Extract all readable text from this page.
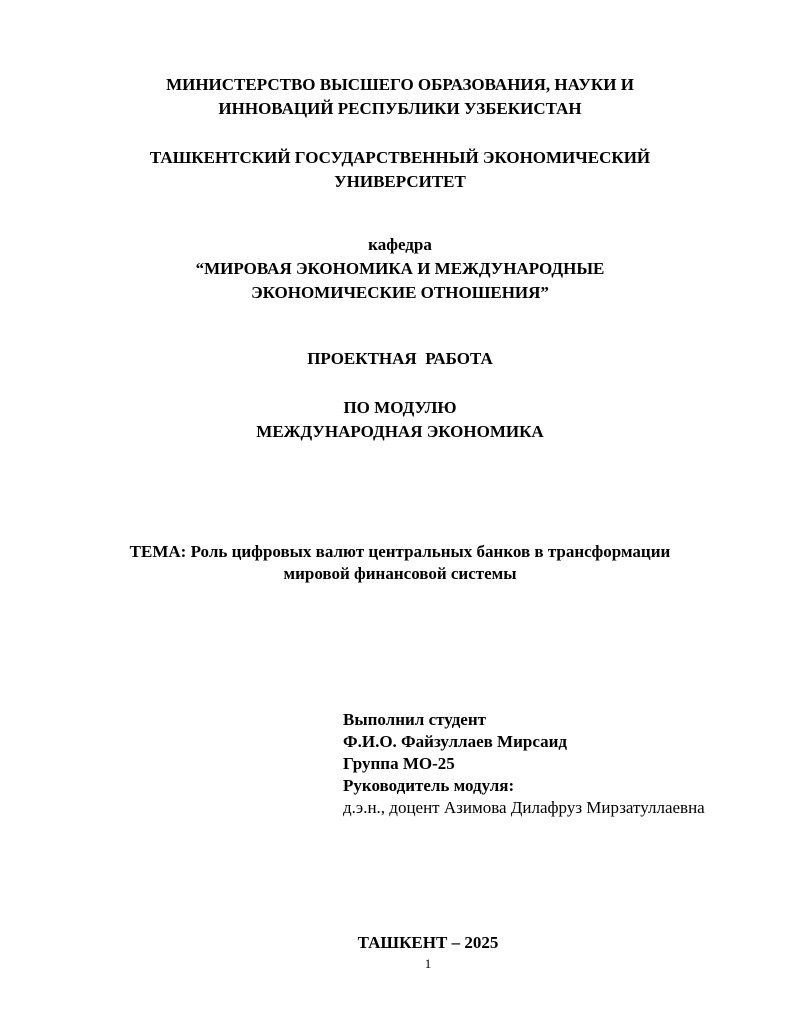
МИНИСТЕРСТВО ВЫСШЕГО ОБРАЗОВАНИЯ, НАУКИ И
ИННОВАЦИЙ РЕСПУБЛИКИ УЗБЕКИСТАН
ТАШКЕНТСКИЙ ГОСУДАРСТВЕННЫЙ ЭКОНОМИЧЕСКИЙ
УНИВЕРСИТЕТ
кафедра
“МИРОВАЯ ЭКОНОМИКА И МЕЖДУНАРОДНЫЕ
ЭКОНОМИЧЕСКИЕ ОТНОШЕНИЯ”
ПРОЕКТНАЯ  РАБОТА
ПО МОДУЛЮ
МЕЖДУНАРОДНАЯ ЭКОНОМИКА
ТЕМА: Роль цифровых валют центральных банков в трансформации
мировой финансовой системы
Выполнил студент
Ф.И.О. Файзуллаев Мирсаид
Группа МО-25
Руководитель модуля:
д.э.н., доцент Азимова Дилафруз Мирзатуллаевна
ТАШКЕНТ – 2025
1
